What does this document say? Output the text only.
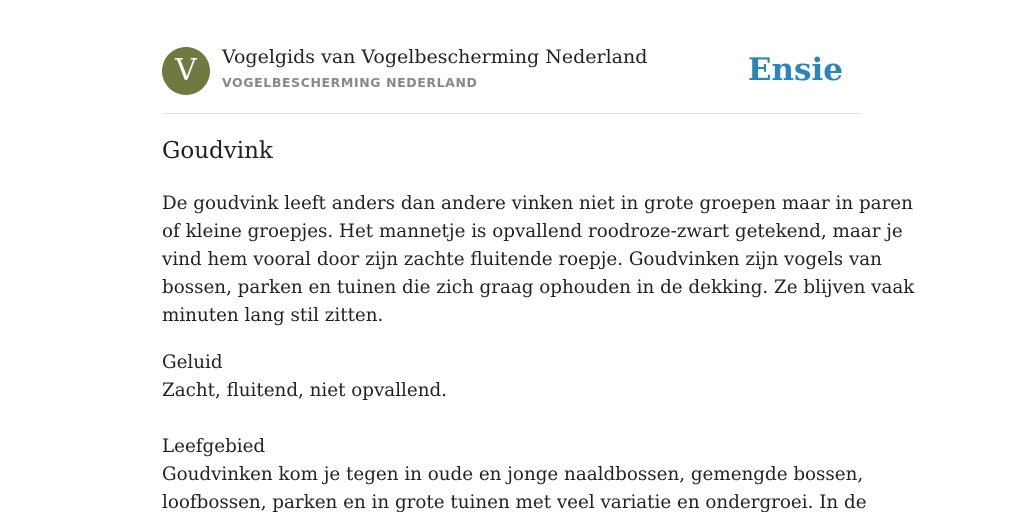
V	Vogelgids van Vogelbescherming Nederland
VOGELBESCHERMING NEDERLAND	Ensie
Goudvink

De goudvink leeft anders dan andere vinken niet in grote groepen maar in paren
of kleine groepjes. Het mannetje is opvallend roodroze-zwart getekend, maar je
vind hem vooral door zijn zachte fluitende roepje. Goudvinken zijn vogels van
bossen, parken en tuinen die zich graag ophouden in de dekking. Ze blijven vaak
minuten lang stil zitten.

Geluid
Zacht, fluitend, niet opvallend.
Leefgebied
Goudvinken kom je tegen in oude en jonge naaldbossen, gemengde bossen,
loofbossen, parken en in grote tuinen met veel variatie en ondergroei. In de
